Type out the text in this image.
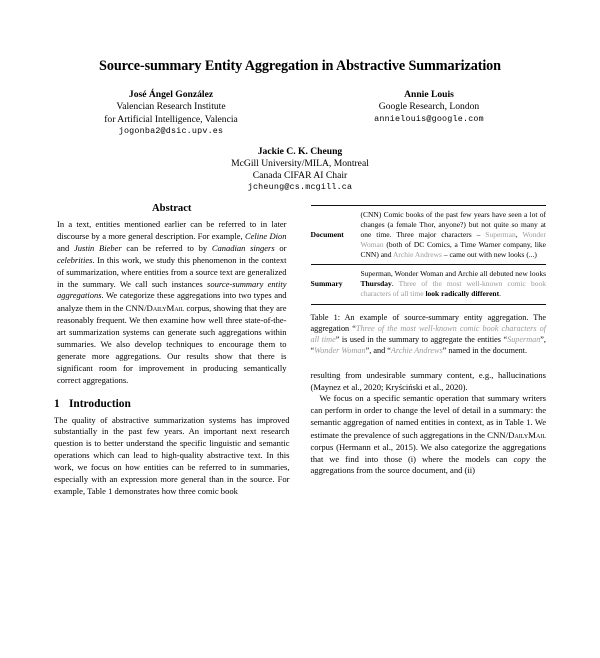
Source-summary Entity Aggregation in Abstractive Summarization
José Ángel González
Valencian Research Institute
for Artificial Intelligence, Valencia
jogonba2@dsic.upv.es
Annie Louis
Google Research, London
annielouis@google.com
Jackie C. K. Cheung
McGill University/MILA, Montreal
Canada CIFAR AI Chair
jcheung@cs.mcgill.ca
Abstract

In a text, entities mentioned earlier can be referred to in later discourse by a more general description. For example, Celine Dion and Justin Bieber can be referred to by Canadian singers or celebrities. In this work, we study this phenomenon in the context of summarization, where entities from a source text are generalized in the summary. We call such instances source-summary entity aggregations. We categorize these aggregations into two types and analyze them in the CNN/DailyMail corpus, showing that they are reasonably frequent. We then examine how well three state-of-the-art summarization systems can generate such aggregations within summaries. We also develop techniques to encourage them to generate more aggregations. Our results show that there is significant room for improvement in producing semantically correct aggregations.

1 Introduction

The quality of abstractive summarization systems has improved substantially in the past few years. An important next research question is to better understand the specific linguistic and semantic operations which can lead to high-quality abstractive text. In this work, we focus on how entities can be referred to in summaries, especially with an expression more general than in the source. For example, Table 1 demonstrates how three comic book

Document	(CNN) Comic books of the past few years have seen a lot of changes (a female Thor, anyone?) but not quite so many at one time. Three major characters – Superman, Wonder Woman (both of DC Comics, a Time Warner company, like CNN) and Archie Andrews – came out with new looks (...)
Summary	Superman, Wonder Woman and Archie all debuted new looks Thursday. Three of the most well-known comic book characters of all time look radically different.

Table 1: An example of source-summary entity aggregation. The aggregation “Three of the most well-known comic book characters of all time” is used in the summary to aggregate the entities “Superman”, “Wonder Woman”, and “Archie Andrews” named in the document.

resulting from undesirable summary content, e.g., hallucinations (Maynez et al., 2020; Kryściński et al., 2020).

We focus on a specific semantic operation that summary writers can perform in order to change the level of detail in a summary: the semantic aggregation of named entities in context, as in Table 1. We estimate the prevalence of such aggregations in the CNN/DailyMail corpus (Hermann et al., 2015). We also categorize the aggregations that we find into those (i) where the models can copy the aggregations from the source document, and (ii)
